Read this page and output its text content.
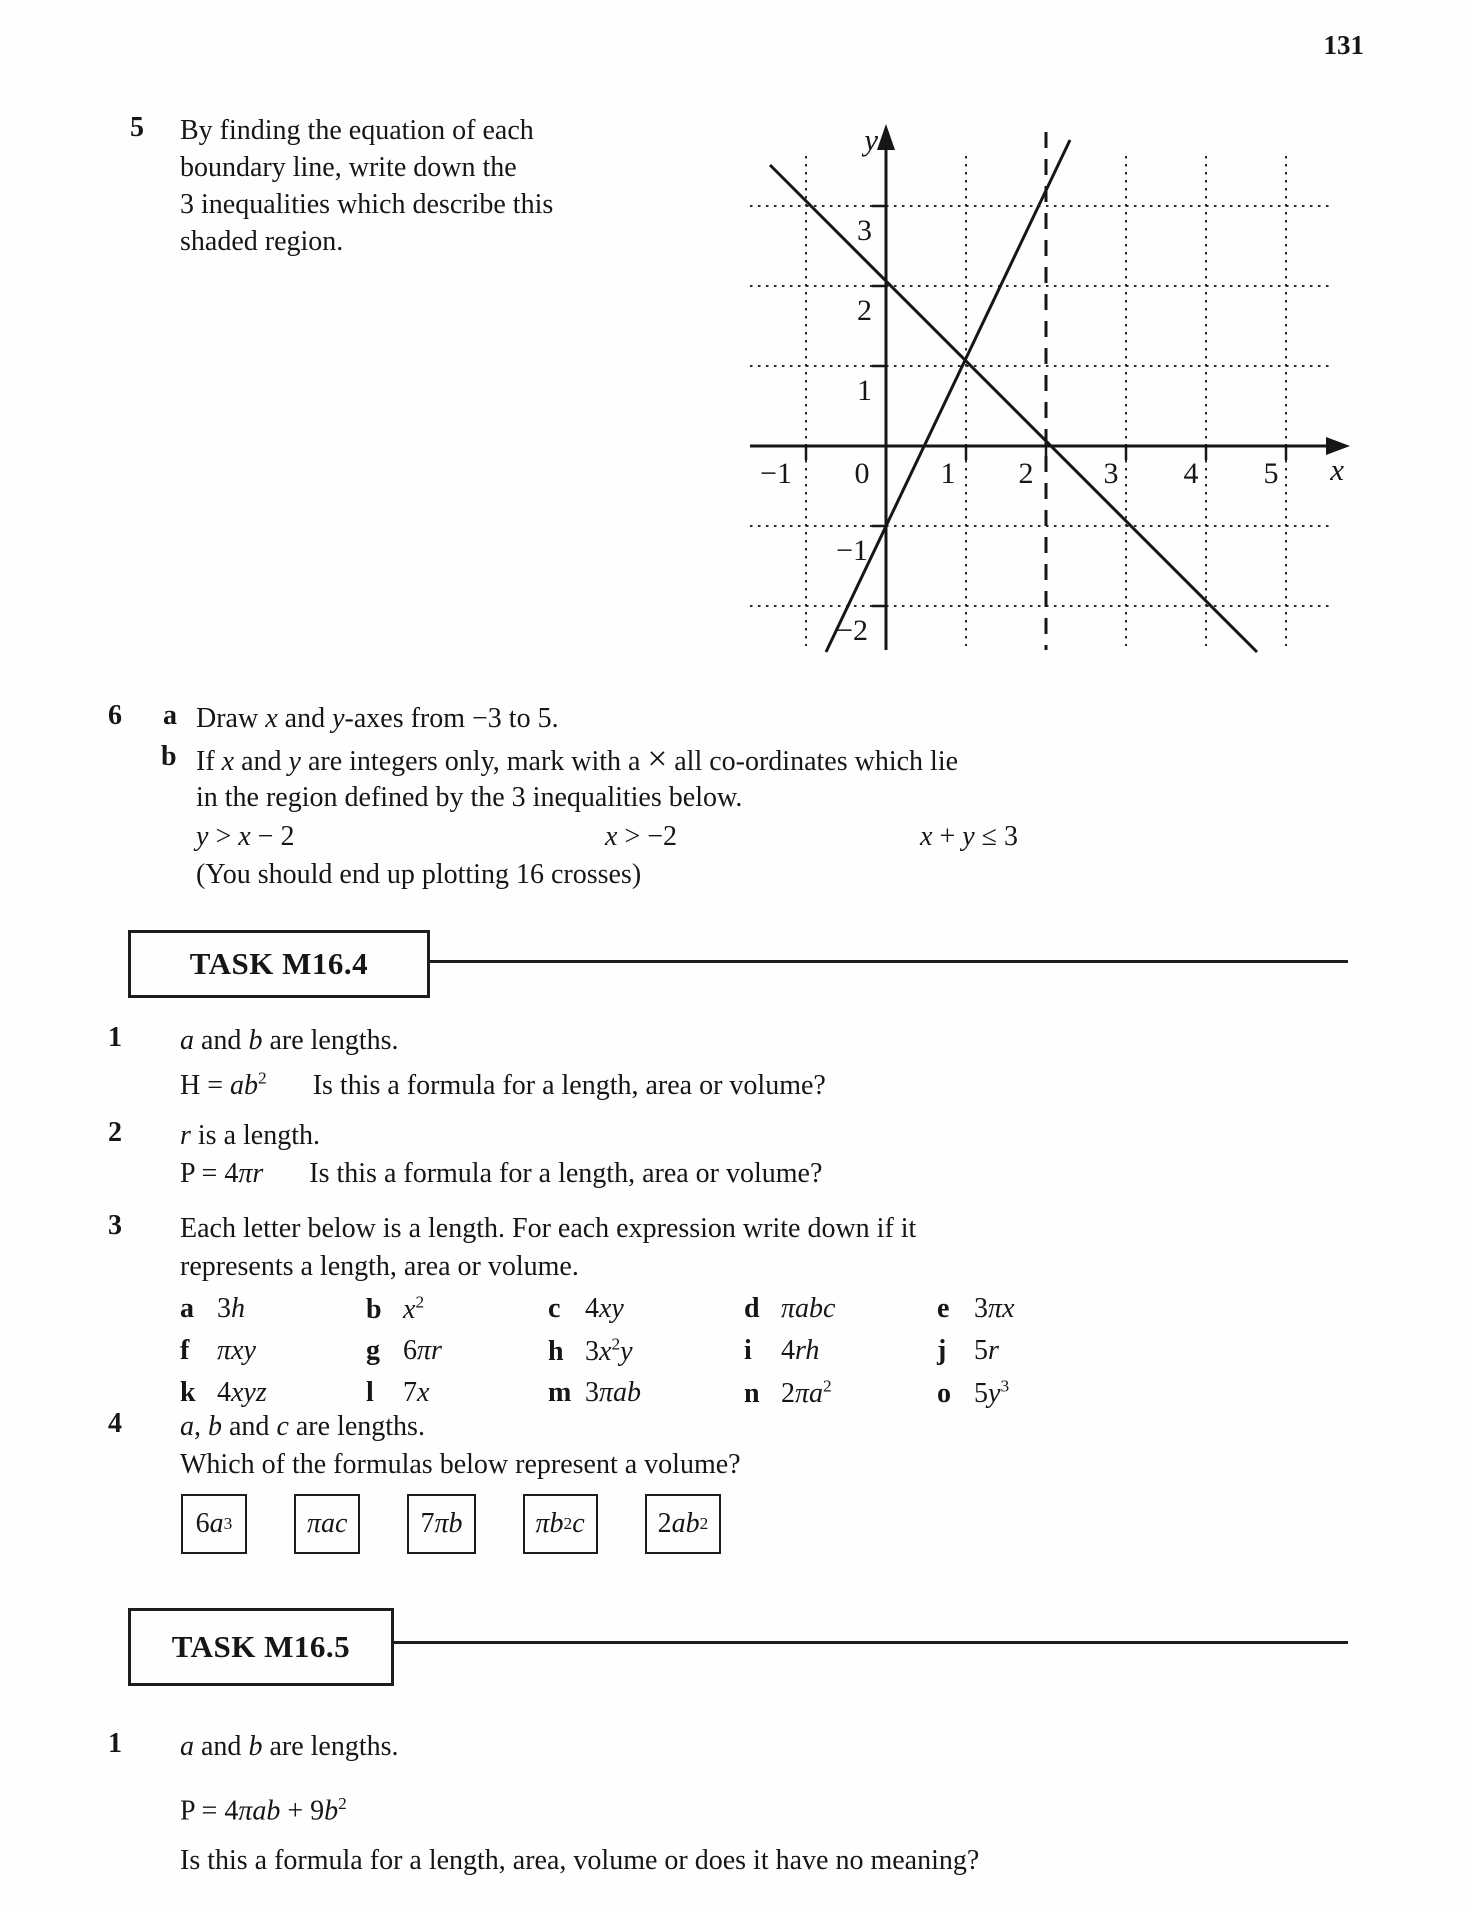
131
5 By finding the equation of each
boundary line, write down the
3 inequalities which describe this
shaded region.
−1 0 1 2 3 4 5
3
2
1
−1
−2
x
y
6 a Draw x and y-axes from −3 to 5.
b If x and y are integers only, mark with a × all co-ordinates which lie
in the region defined by the 3 inequalities below.
y > x − 2	x > −2	x + y ≤ 3
(You should end up plotting 16 crosses)
TASK M16.4
1 a and b are lengths.
$H = ab^2$ Is this a formula for a length, area or volume?
2 r is a length.
P = 4πr Is this a formula for a length, area or volume?
3 Each letter below is a length. For each expression write down if it
represents a length, area or volume.
a 3h	b $x^2$	c 4xy	d πabc	e 3πx
f πxy	g 6πr	h $3x^2y$	i 4rh	j 5r
k 4xyz	l 7x	m 3πab	n $2\pi a^2$	o $5y^3$
4 a, b and c are lengths.
Which of the formulas below represent a volume?
6 a 3	πac	7 πb	πb 2 c	2 ab 2
TASK M16.5
1 a and b are lengths.
$P = 4\pi ab + 9b^2$
Is this a formula for a length, area, volume or does it have no meaning?
